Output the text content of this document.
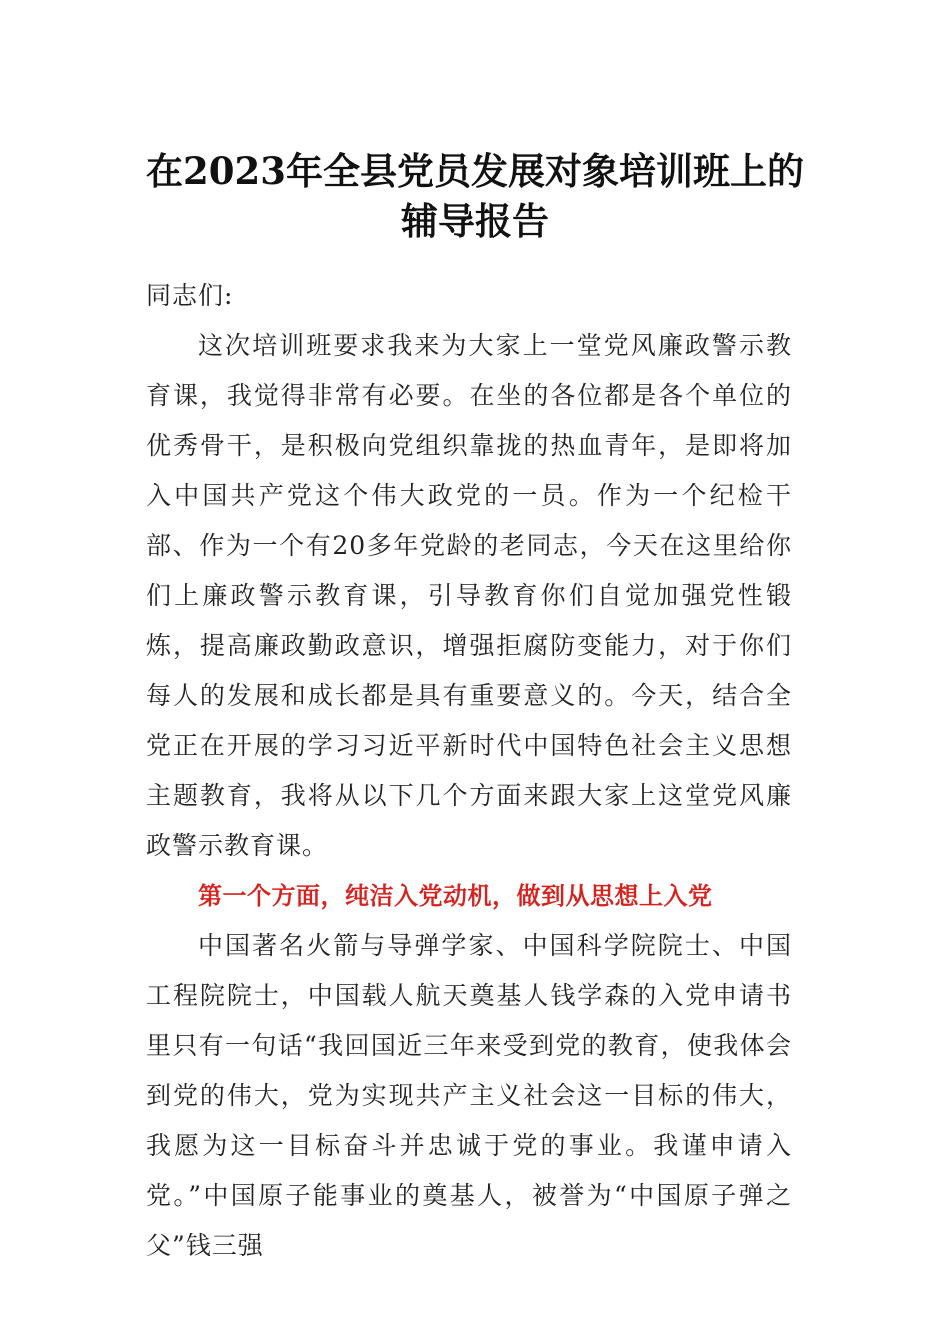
在2023年全县党员发展对象培训班上的辅导报告

同志们:

这次培训班要求我来为大家上一堂党风廉政警示教育课，我觉得非常有必要。在坐的各位都是各个单位的优秀骨干，是积极向党组织靠拢的热血青年，是即将加入中国共产党这个伟大政党的一员。作为一个纪检干部、作为一个有20多年党龄的老同志，今天在这里给你们上廉政警示教育课，引导教育你们自觉加强党性锻炼，提高廉政勤政意识，增强拒腐防变能力，对于你们每人的发展和成长都是具有重要意义的。今天，结合全党正在开展的学习习近平新时代中国特色社会主义思想主题教育，我将从以下几个方面来跟大家上这堂党风廉政警示教育课。

第一个方面，纯洁入党动机，做到从思想上入党

中国著名火箭与导弹学家、中国科学院院士、中国工程院院士，中国载人航天奠基人钱学森的入党申请书里只有一句话“我回国近三年来受到党的教育，使我体会到党的伟大，党为实现共产主义社会这一目标的伟大，我愿为这一目标奋斗并忠诚于党的事业。我谨申请入党。”中国原子能事业的奠基人，被誉为“中国原子弹之父”钱三强
